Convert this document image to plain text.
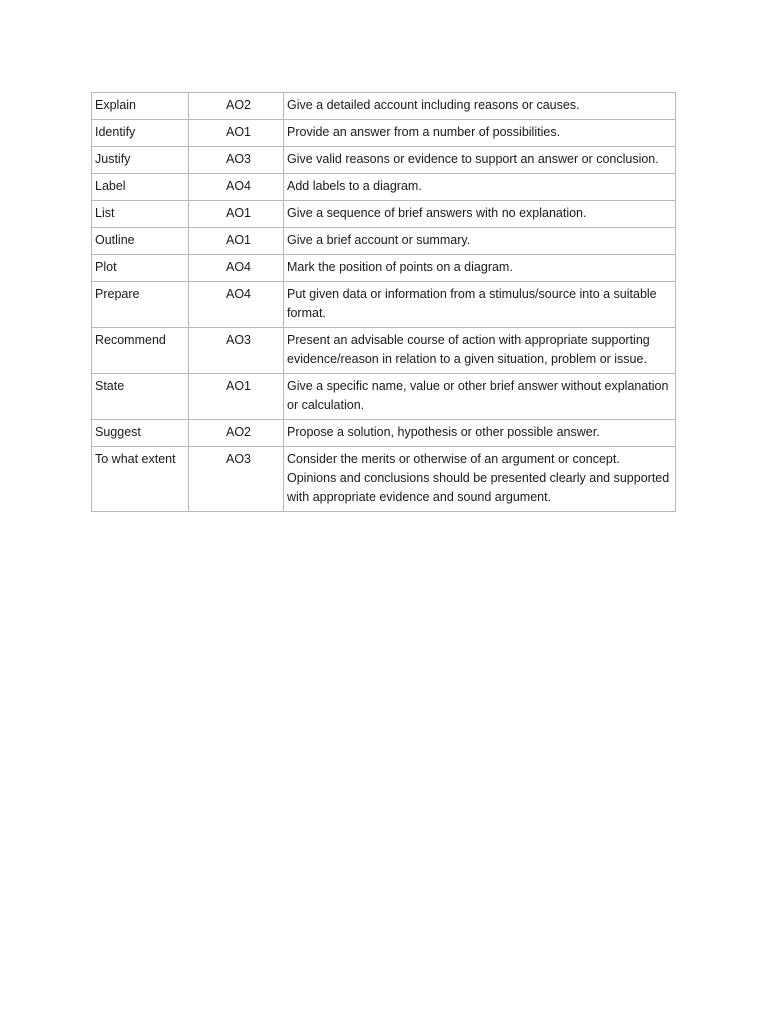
Explain	AO2	Give a detailed account including reasons or causes.
Identify	AO1	Provide an answer from a number of possibilities.
Justify	AO3	Give valid reasons or evidence to support an answer or conclusion.
Label	AO4	Add labels to a diagram.
List	AO1	Give a sequence of brief answers with no explanation.
Outline	AO1	Give a brief account or summary.
Plot	AO4	Mark the position of points on a diagram.
Prepare	AO4	Put given data or information from a stimulus/source into a suitable format.
Recommend	AO3	Present an advisable course of action with appropriate supporting evidence/reason in relation to a given situation, problem or issue.
State	AO1	Give a specific name, value or other brief answer without explanation or calculation.
Suggest	AO2	Propose a solution, hypothesis or other possible answer.
To what extent	AO3	Consider the merits or otherwise of an argument or concept. Opinions and conclusions should be presented clearly and supported with appropriate evidence and sound argument.
